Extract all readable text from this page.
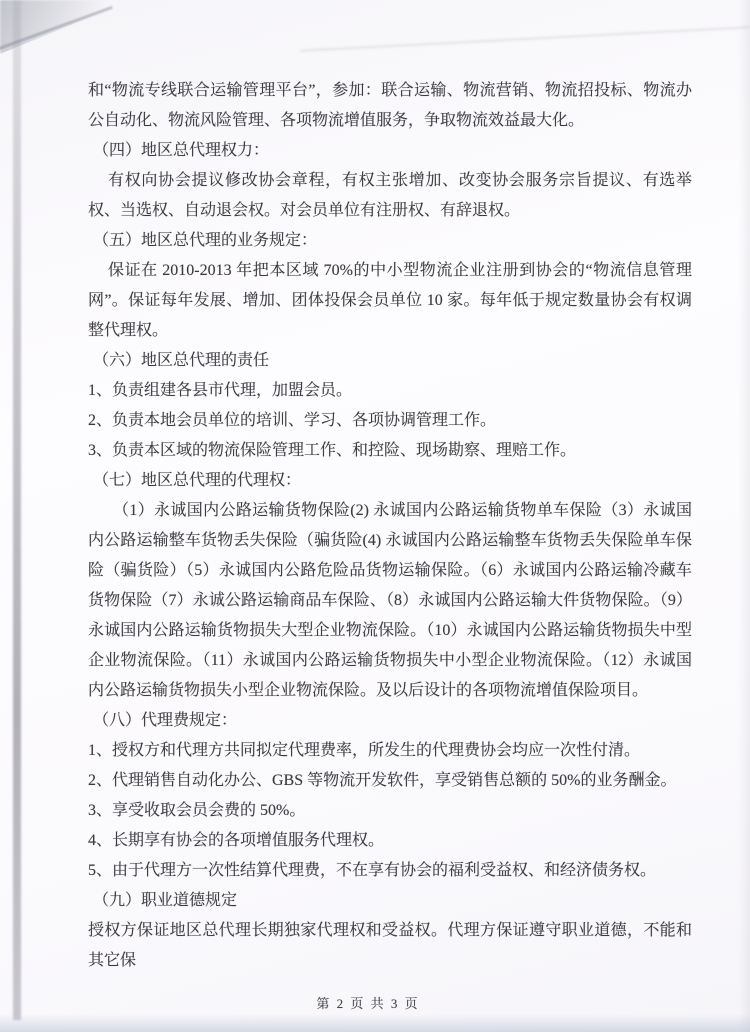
和“物流专线联合运输管理平台”，参加：联合运输、物流营销、物流招投标、物流办公自动化、物流风险管理、各项物流增值服务，争取物流效益最大化。

（四）地区总代理权力：

有权向协会提议修改协会章程，有权主张增加、改变协会服务宗旨提议、有选举权、当选权、自动退会权。对会员单位有注册权、有辞退权。

（五）地区总代理的业务规定：

保证在 2010-2013 年把本区域 70%的中小型物流企业注册到协会的“物流信息管理网”。保证每年发展、增加、团体投保会员单位 10 家。每年低于规定数量协会有权调整代理权。

（六）地区总代理的责任

1、负责组建各县市代理，加盟会员。

2、负责本地会员单位的培训、学习、各项协调管理工作。

3、负责本区域的物流保险管理工作、和控险、现场勘察、理赔工作。

（七）地区总代理的代理权：

（1）永诚国内公路运输货物保险(2) 永诚国内公路运输货物单车保险（3）永诚国内公路运输整车货物丢失保险（骗货险(4) 永诚国内公路运输整车货物丢失保险单车保险（骗货险）（5）永诚国内公路危险品货物运输保险。（6）永诚国内公路运输冷藏车货物保险（7）永诚公路运输商品车保险、（8）永诚国内公路运输大件货物保险。（9）永诚国内公路运输货物损失大型企业物流保险。（10）永诚国内公路运输货物损失中型企业物流保险。（11）永诚国内公路运输货物损失中小型企业物流保险。（12）永诚国内公路运输货物损失小型企业物流保险。及以后设计的各项物流增值保险项目。

（八）代理费规定：

1、授权方和代理方共同拟定代理费率，所发生的代理费协会均应一次性付清。

2、代理销售自动化办公、GBS 等物流开发软件，享受销售总额的 50%的业务酬金。

3、享受收取会员会费的 50%。

4、长期享有协会的各项增值服务代理权。

5、由于代理方一次性结算代理费，不在享有协会的福利受益权、和经济债务权。

（九）职业道德规定

授权方保证地区总代理长期独家代理权和受益权。代理方保证遵守职业道德，不能和其它保

第 2 页 共 3 页
